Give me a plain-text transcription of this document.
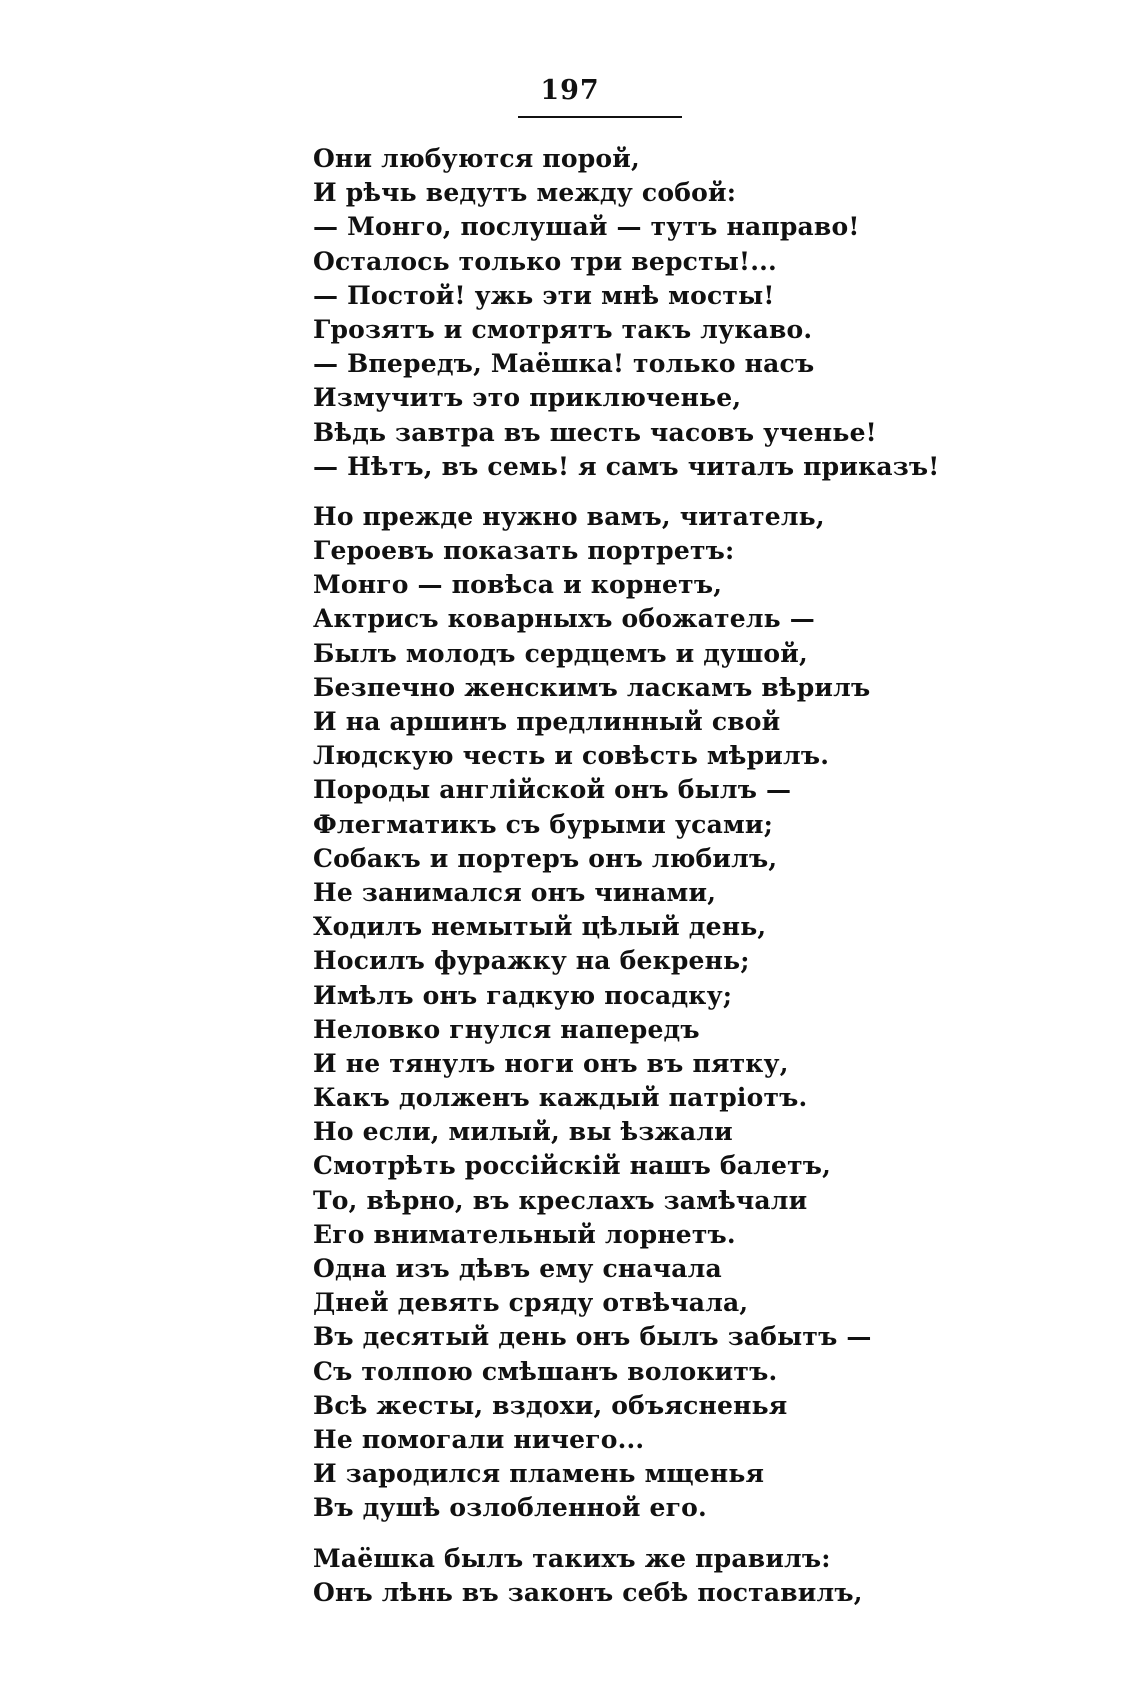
197
Они любуются порой,
И рѣчь ведутъ между собой:
— Монго, послушай — тутъ направо!
Осталось только три версты!...
— Постой! ужь эти мнѣ мосты!
Грозятъ и смотрятъ такъ лукаво.
— Впередъ, Маёшка! только насъ
Измучитъ это приключенье,
Вѣдь завтра въ шесть часовъ ученье!
— Нѣтъ, въ семь! я самъ читалъ приказъ!
Но прежде нужно вамъ, читатель,
Героевъ показать портретъ:
Монго — повѣса и корнетъ,
Актрисъ коварныхъ обожатель —
Былъ молодъ сердцемъ и душой,
Безпечно женскимъ ласкамъ вѣрилъ
И на аршинъ предлинный свой
Людскую честь и совѣсть мѣрилъ.
Породы англійской онъ былъ —
Флегматикъ съ бурыми усами;
Собакъ и портеръ онъ любилъ,
Не занимался онъ чинами,
Ходилъ немытый цѣлый день,
Носилъ фуражку на бекрень;
Имѣлъ онъ гадкую посадку;
Неловко гнулся напередъ
И не тянулъ ноги онъ въ пятку,
Какъ долженъ каждый патріотъ.
Но если, милый, вы ѣзжали
Смотрѣть россійскій нашъ балетъ,
То, вѣрно, въ креслахъ замѣчали
Его внимательный лорнетъ.
Одна изъ дѣвъ ему сначала
Дней девять сряду отвѣчала,
Въ десятый день онъ былъ забытъ —
Съ толпою смѣшанъ волокитъ.
Всѣ жесты, вздохи, объясненья
Не помогали ничего...
И зародился пламень мщенья
Въ душѣ озлобленной его.
Маёшка былъ такихъ же правилъ:
Онъ лѣнь въ законъ себѣ поставилъ,
